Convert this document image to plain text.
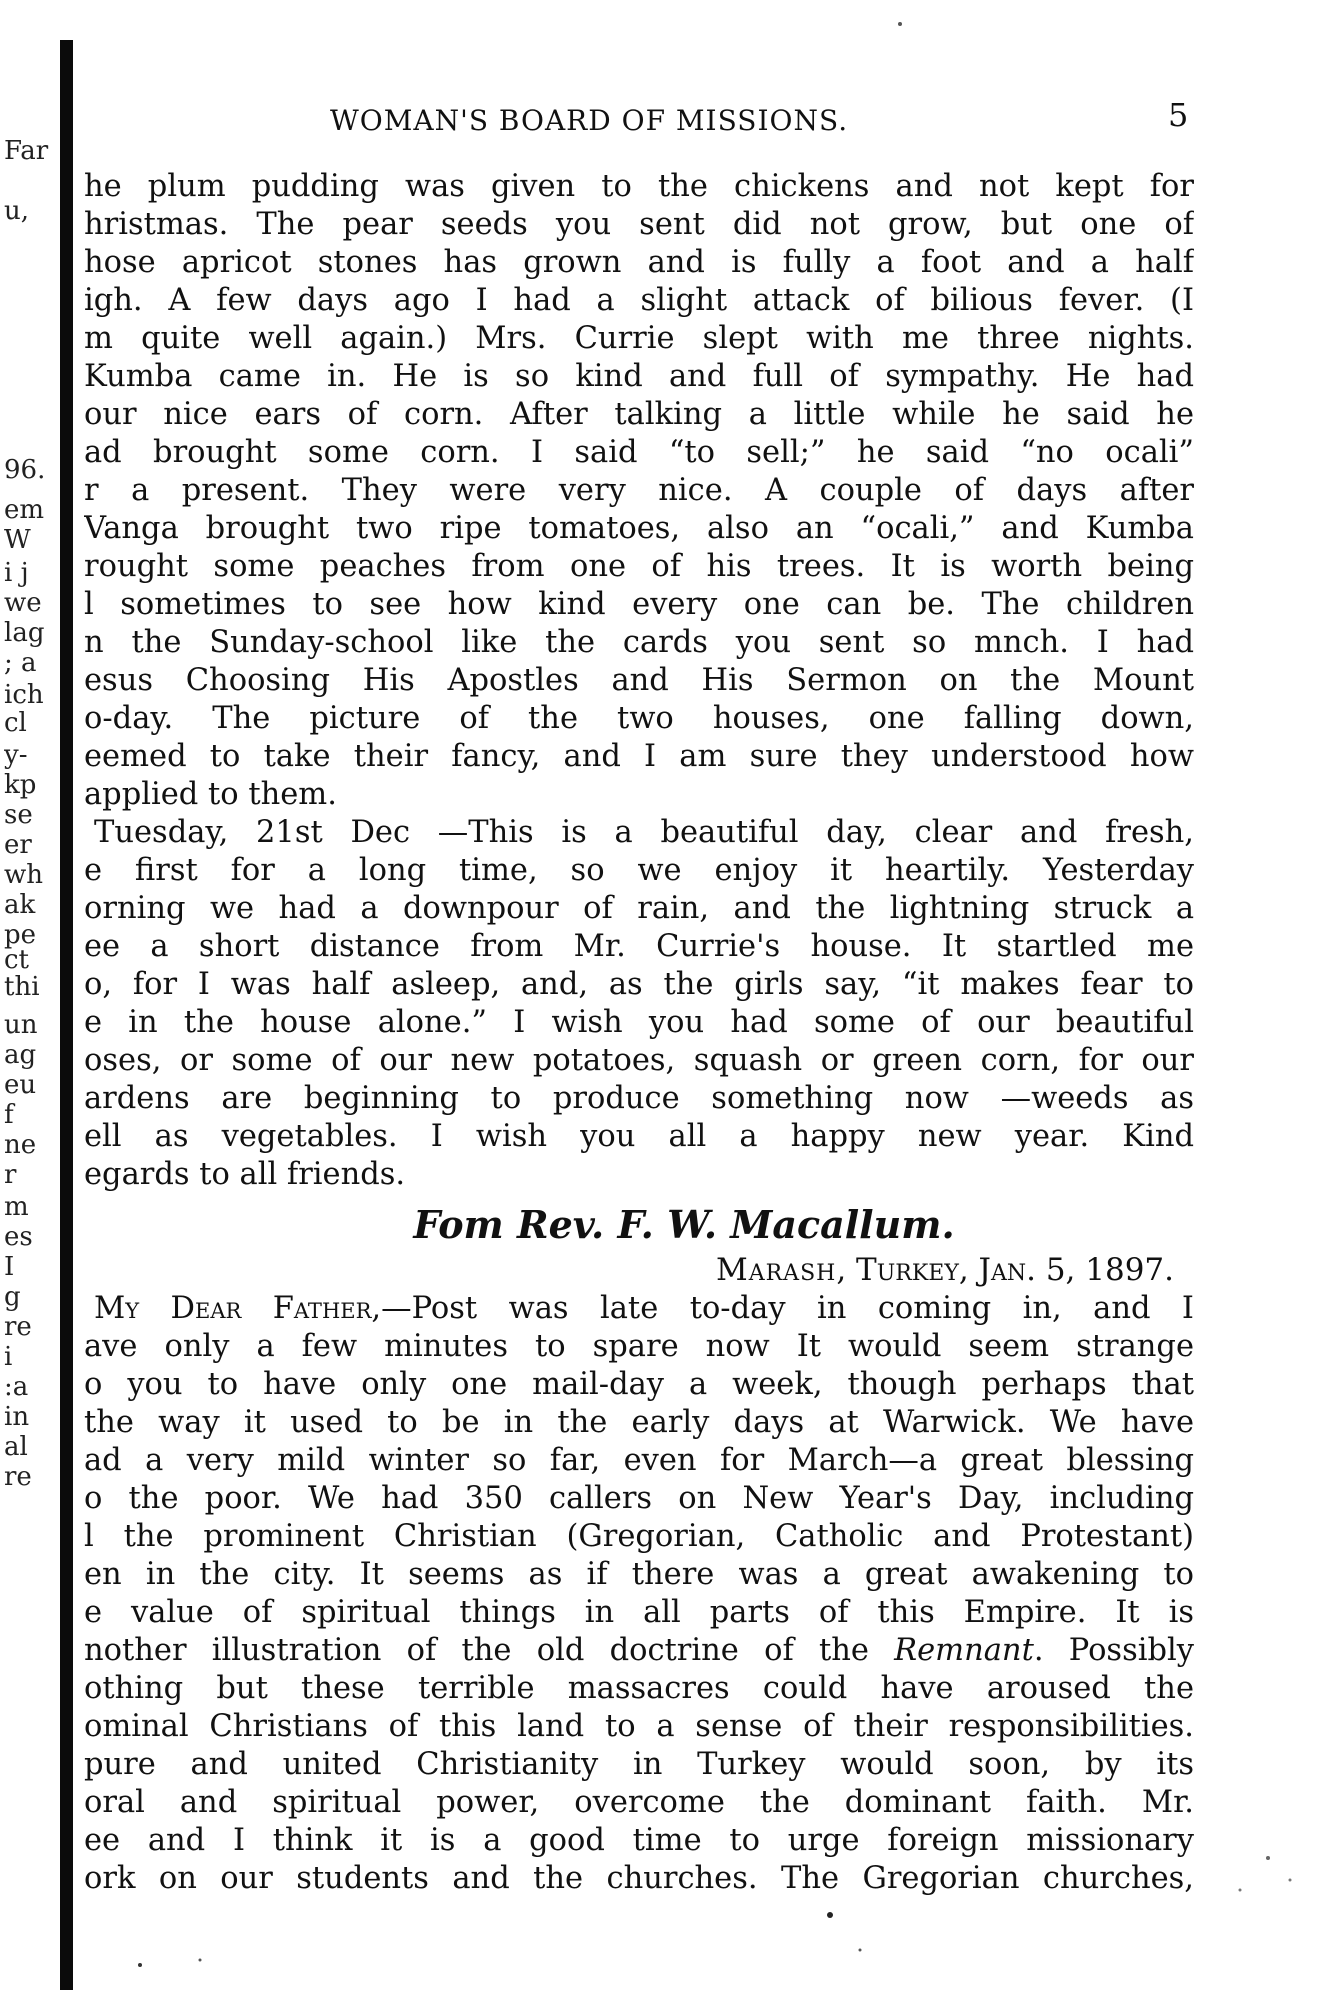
WOMAN'S BOARD OF MISSIONS.	5
Far
u,
96.
em
W
i j
we
lag
; a
ich
cl
y-
kp
se
er
wh
ak
pe
ct
thi
un
ag
eu
f
ne
r
m
es
I
g
re
i
:a
in
al
re
he plum pudding was given to the chickens and not kept for
hristmas. The pear seeds you sent did not grow, but one of
hose apricot stones has grown and is fully a foot and a half
igh. A few days ago I had a slight attack of bilious fever. (I
m quite well again.) Mrs. Currie slept with me three nights.
Kumba came in. He is so kind and full of sympathy. He had
our nice ears of corn. After talking a little while he said he
ad brought some corn. I said “to sell;” he said “no ocali”
r a present. They were very nice. A couple of days after
Vanga brought two ripe tomatoes, also an “ocali,” and Kumba
rought some peaches from one of his trees. It is worth being
l sometimes to see how kind every one can be. The children
n the Sunday-school like the cards you sent so mnch. I had
esus Choosing His Apostles and His Sermon on the Mount
o-day. The picture of the two houses, one falling down,
eemed to take their fancy, and I am sure they understood how
applied to them.
Tuesday, 21st Dec —This is a beautiful day, clear and fresh,
e first for a long time, so we enjoy it heartily. Yesterday
orning we had a downpour of rain, and the lightning struck a
ee a short distance from Mr. Currie's house. It startled me
o, for I was half asleep, and, as the girls say, “it makes fear to
e in the house alone.” I wish you had some of our beautiful
oses, or some of our new potatoes, squash or green corn, for our
ardens are beginning to produce something now —weeds as
ell as vegetables. I wish you all a happy new year. Kind
egards to all friends.
Fom Rev. F. W. Macallum.
Marash, Turkey, Jan. 5, 1897.
My Dear Father,—Post was late to-day in coming in, and I
ave only a few minutes to spare now It would seem strange
o you to have only one mail-day a week, though perhaps that
the way it used to be in the early days at Warwick. We have
ad a very mild winter so far, even for March—a great blessing
o the poor. We had 350 callers on New Year's Day, including
l the prominent Christian (Gregorian, Catholic and Protestant)
en in the city. It seems as if there was a great awakening to
e value of spiritual things in all parts of this Empire. It is
nother illustration of the old doctrine of the Remnant. Possibly
othing but these terrible massacres could have aroused the
ominal Christians of this land to a sense of their responsibilities.
pure and united Christianity in Turkey would soon, by its
oral and spiritual power, overcome the dominant faith. Mr.
ee and I think it is a good time to urge foreign missionary
ork on our students and the churches. The Gregorian churches,
